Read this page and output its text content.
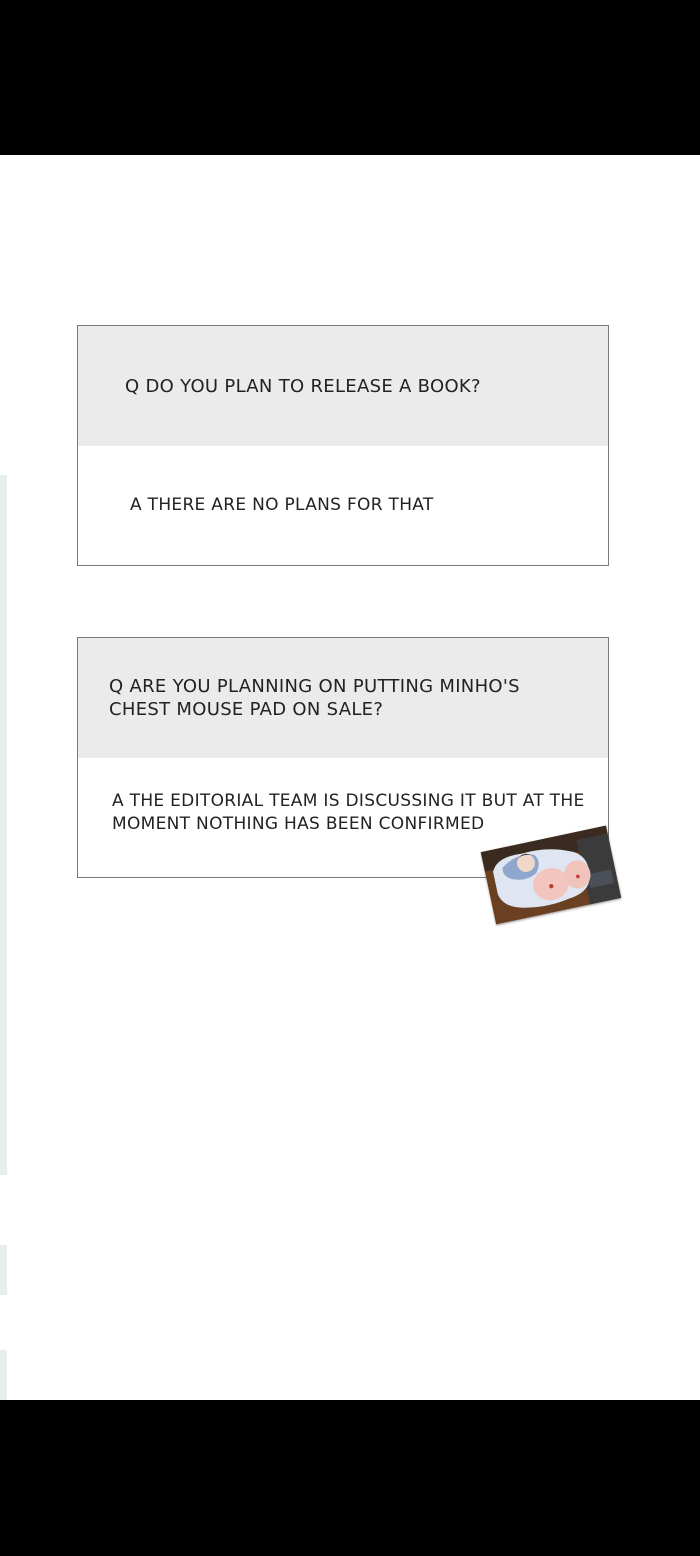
Q DO YOU PLAN TO RELEASE A BOOK?
A THERE ARE NO PLANS FOR THAT
Q ARE YOU PLANNING ON PUTTING MINHO'S
CHEST MOUSE PAD ON SALE?
A THE EDITORIAL TEAM IS DISCUSSING IT BUT AT THE
MOMENT NOTHING HAS BEEN CONFIRMED
